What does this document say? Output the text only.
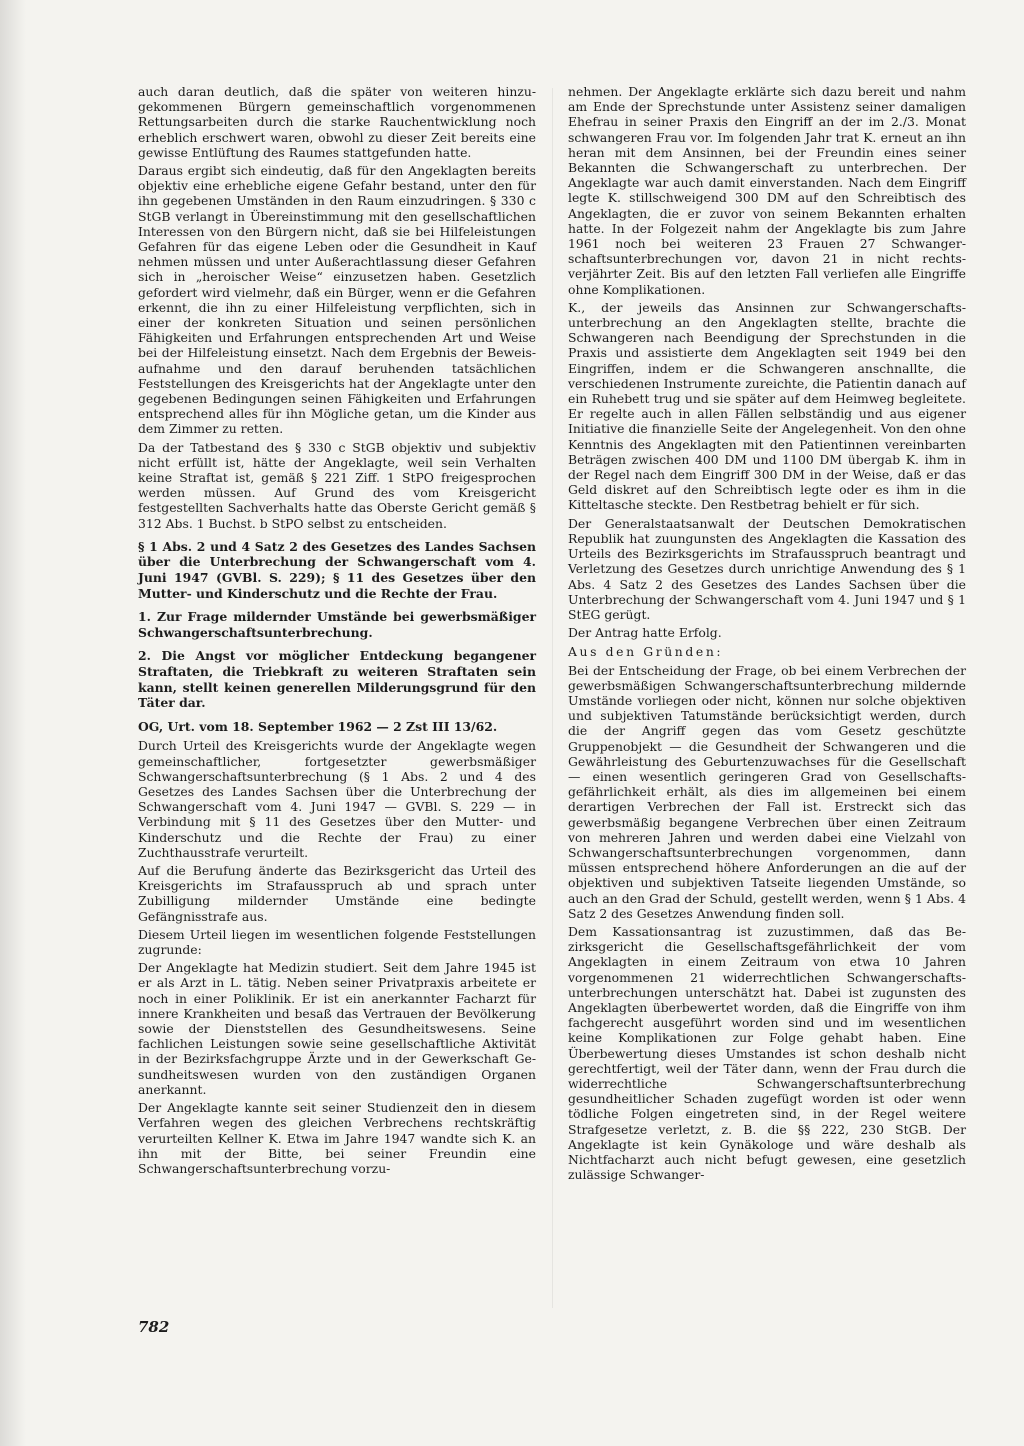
auch daran deutlich, daß die später von weiteren hinzugekommenen Bürgern gemeinschaftlich vorgenommenen Rettungsarbeiten durch die starke Rauchentwicklung noch erheblich erschwert waren, obwohl zu dieser Zeit bereits eine gewisse Entlüftung des Raumes stattgefunden hatte.

Daraus ergibt sich eindeutig, daß für den Angeklagten bereits objektiv eine erhebliche eigene Gefahr bestand, unter den für ihn gegebenen Umständen in den Raum einzudringen. § 330 c StGB verlangt in Übereinstimmung mit den gesellschaftlichen Interessen von den Bürgern nicht, daß sie bei Hilfeleistungen Gefahren für das eigene Leben oder die Gesundheit in Kauf nehmen müssen und unter Außerachtlassung dieser Gefahren sich in „heroischer Weise“ einzusetzen haben. Gesetzlich gefordert wird vielmehr, daß ein Bürger, wenn er die Gefahren erkennt, die ihn zu einer Hilfeleistung verpflichten, sich in einer der konkreten Situation und seinen persönlichen Fähigkeiten und Erfahrungen entsprechenden Art und Weise bei der Hilfeleistung einsetzt. Nach dem Ergebnis der Beweisaufnahme und den darauf beruhenden tatsächlichen Feststellungen des Kreisgerichts hat der Angeklagte unter den gegebenen Bedingungen seinen Fähigkeiten und Erfahrungen entsprechend alles für ihn Mögliche getan, um die Kinder aus dem Zimmer zu retten.

Da der Tatbestand des § 330 c StGB objektiv und subjektiv nicht erfüllt ist, hätte der Angeklagte, weil sein Verhalten keine Straftat ist, gemäß § 221 Ziff. 1 StPO freigesprochen werden müssen. Auf Grund des vom Kreisgericht festgestellten Sachverhalts hatte das Oberste Gericht gemäß § 312 Abs. 1 Buchst. b StPO selbst zu entscheiden.

§ 1 Abs. 2 und 4 Satz 2 des Gesetzes des Landes Sachsen über die Unterbrechung der Schwangerschaft vom 4. Juni 1947 (GVBl. S. 229); § 11 des Gesetzes über den Mutter- und Kinderschutz und die Rechte der Frau.

1. Zur Frage mildernder Umstände bei gewerbsmäßiger Schwangerschaftsunterbrechung.

2. Die Angst vor möglicher Entdeckung begangener Straftaten, die Triebkraft zu weiteren Straftaten sein kann, stellt keinen generellen Milderungsgrund für den Täter dar.

OG, Urt. vom 18. September 1962 — 2 Zst III 13/62.

Durch Urteil des Kreisgerichts wurde der Angeklagte wegen gemeinschaftlicher, fortgesetzter gewerbsmäßiger Schwangerschaftsunterbrechung (§ 1 Abs. 2 und 4 des Gesetzes des Landes Sachsen über die Unterbrechung der Schwangerschaft vom 4. Juni 1947 — GVBl. S. 229 — in Verbindung mit § 11 des Gesetzes über den Mutter- und Kinderschutz und die Rechte der Frau) zu einer Zuchthausstrafe verurteilt.

Auf die Berufung änderte das Bezirksgericht das Urteil des Kreisgerichts im Strafausspruch ab und sprach unter Zubilligung mildernder Umstände eine bedingte Gefängnisstrafe aus.

Diesem Urteil liegen im wesentlichen folgende Feststellungen zugrunde:

Der Angeklagte hat Medizin studiert. Seit dem Jahre 1945 ist er als Arzt in L. tätig. Neben seiner Privatpraxis arbeitete er noch in einer Poliklinik. Er ist ein anerkannter Facharzt für innere Krankheiten und besaß das Vertrauen der Bevölkerung sowie der Dienststellen des Gesundheitswesens. Seine fachlichen Leistungen sowie seine gesellschaftliche Aktivität in der Bezirksfachgruppe Ärzte und in der Gewerkschaft Gesundheitswesen wurden von den zuständigen Organen anerkannt.

Der Angeklagte kannte seit seiner Studienzeit den in diesem Verfahren wegen des gleichen Verbrechens rechtskräftig verurteilten Kellner K. Etwa im Jahre 1947 wandte sich K. an ihn mit der Bitte, bei seiner Freundin eine Schwangerschaftsunterbrechung vorzu-

nehmen. Der Angeklagte erklärte sich dazu bereit und nahm am Ende der Sprechstunde unter Assistenz seiner damaligen Ehefrau in seiner Praxis den Eingriff an der im 2./3. Monat schwangeren Frau vor. Im folgenden Jahr trat K. erneut an ihn heran mit dem Ansinnen, bei der Freundin eines seiner Bekannten die Schwangerschaft zu unterbrechen. Der Angeklagte war auch damit einverstanden. Nach dem Eingriff legte K. stillschweigend 300 DM auf den Schreibtisch des Angeklagten, die er zuvor von seinem Bekannten erhalten hatte. In der Folgezeit nahm der Angeklagte bis zum Jahre 1961 noch bei weiteren 23 Frauen 27 Schwangerschaftsunterbrechungen vor, davon 21 in nicht rechtsverjährter Zeit. Bis auf den letzten Fall verliefen alle Eingriffe ohne Komplikationen.

K., der jeweils das Ansinnen zur Schwangerschaftsunterbrechung an den Angeklagten stellte, brachte die Schwangeren nach Beendigung der Sprechstunden in die Praxis und assistierte dem Angeklagten seit 1949 bei den Eingriffen, indem er die Schwangeren anschnallte, die verschiedenen Instrumente zureichte, die Patientin danach auf ein Ruhebett trug und sie später auf dem Heimweg begleitete. Er regelte auch in allen Fällen selbständig und aus eigener Initiative die finanzielle Seite der Angelegenheit. Von den ohne Kenntnis des Angeklagten mit den Patientinnen vereinbarten Beträgen zwischen 400 DM und 1100 DM übergab K. ihm in der Regel nach dem Eingriff 300 DM in der Weise, daß er das Geld diskret auf den Schreibtisch legte oder es ihm in die Kitteltasche steckte. Den Restbetrag behielt er für sich.

Der Generalstaatsanwalt der Deutschen Demokratischen Republik hat zuungunsten des Angeklagten die Kassation des Urteils des Bezirksgerichts im Strafausspruch beantragt und Verletzung des Gesetzes durch unrichtige Anwendung des § 1 Abs. 4 Satz 2 des Gesetzes des Landes Sachsen über die Unterbrechung der Schwangerschaft vom 4. Juni 1947 und § 1 StEG gerügt.

Der Antrag hatte Erfolg.

Aus den Gründen:

Bei der Entscheidung der Frage, ob bei einem Verbrechen der gewerbsmäßigen Schwangerschaftsunterbrechung mildernde Umstände vorliegen oder nicht, können nur solche objektiven und subjektiven Tatumstände berücksichtigt werden, durch die der Angriff gegen das vom Gesetz geschützte Gruppenobjekt — die Gesundheit der Schwangeren und die Gewährleistung des Geburtenzuwachses für die Gesellschaft — einen wesentlich geringeren Grad von Gesellschaftsgefährlichkeit erhält, als dies im allgemeinen bei einem derartigen Verbrechen der Fall ist. Erstreckt sich das gewerbsmäßig begangene Verbrechen über einen Zeitraum von mehreren Jahren und werden dabei eine Vielzahl von Schwangerschaftsunterbrechungen vorgenommen, dann müssen entsprechend höhere Anforderungen an die auf der objektiven und subjektiven Tatseite liegenden Umstände, so auch an den Grad der Schuld, gestellt werden, wenn § 1 Abs. 4 Satz 2 des Gesetzes Anwendung finden soll.

Dem Kassationsantrag ist zuzustimmen, daß das Bezirksgericht die Gesellschaftsgefährlichkeit der vom Angeklagten in einem Zeitraum von etwa 10 Jahren vorgenommenen 21 widerrechtlichen Schwangerschaftsunterbrechungen unterschätzt hat. Dabei ist zugunsten des Angeklagten überbewertet worden, daß die Eingriffe von ihm fachgerecht ausgeführt worden sind und im wesentlichen keine Komplikationen zur Folge gehabt haben. Eine Überbewertung dieses Umstandes ist schon deshalb nicht gerechtfertigt, weil der Täter dann, wenn der Frau durch die widerrechtliche Schwangerschaftsunterbrechung gesundheitlicher Schaden zugefügt worden ist oder wenn tödliche Folgen eingetreten sind, in der Regel weitere Strafgesetze verletzt, z. B. die §§ 222, 230 StGB. Der Angeklagte ist kein Gynäkologe und wäre deshalb als Nichtfacharzt auch nicht befugt gewesen, eine gesetzlich zulässige Schwanger-

782
